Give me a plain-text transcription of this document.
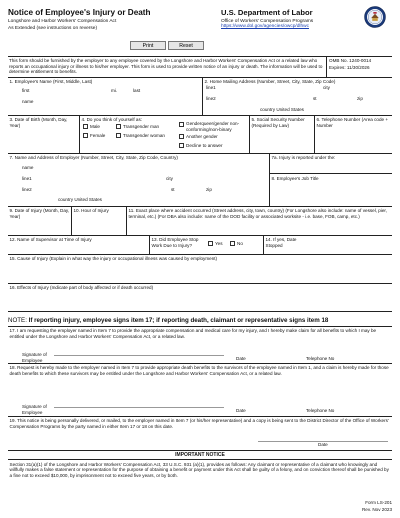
Notice of Employee's Injury or Death
Longshore and Harbor Workers' Compensation Act
As Extended (see instructions on reverse)
Print	Reset
U.S. Department of Labor
Office of Workers' Compensation Programs
https://www.dol.gov/agencies/owcp/dlhwc
This form should be furnished by the employer to any employee covered by the Longshore and Harbor Workers' Compensation Act or a related law who reports an occupational injury or illness to his/her employer. This form is used to provide written notice of an injury or death. The information will be used to determine entitlement to benefits.
OMB No. 1240-0014
Expires: 11/30/2026
1. Employee's Name (First, Middle, Last)
first	mi.	last
name
2. Home Mailing Address (Number, Street, City, State, Zip Code)
line1	city
line2	st	zip
country United States
3. Date of Birth (Month, Day, Year)
4. Do you think of yourself as:
Male	Transgender man
Female	Transgender woman
Genderqueer/gender non-conforming/non-binary
Another gender
Decline to answer
5. Social Security Number (Required by Law)
6. Telephone Number (Area code + Number
7. Name and Address of Employer (Number, Street, City, State, Zip Code, Country)
name
line1	city
line2	st	zip
country United States
7a. Injury is reported under the:
8. Employee's Job Title
9. Date of Injury (Month, Day, Year)
10. Hour of Injury	11. Exact place where accident occurred (Street address, city, town, country) (For Longshore also include: name of vessel, pier, terminal, etc.) (For DBA also include: name of the DOD facility or associated worksite - i.e. base, FOB, camp, etc.)
12. Name of Supervisor at Time of Injury	13. Did Employee Stop Work Due to Injury?	Yes	No
14. If yes, Date Stopped
15. Cause of Injury (Explain in what way the injury or occupational illness was caused by employment)
16. Effects of Injury (Indicate part of body affected or if death occurred)
NOTE: If reporting injury, employee signs item 17; if reporting death, claimant or representative signs item 18
17. I am requesting the employer named in Item 7 to provide the appropriate compensation and medical care for my injury, and I hereby make claim for all benefits to which I may be entitled under the Longshore and Harbor Workers' Compensation Act, or a related law.
Signature of Employee	Date	Telephone No
18. Request is hereby made to the employer named in Item 7 to provide appropriate death benefits to the survivors of the employee named in Item 1, and a claim is hereby made for those death benefits to which these survivors may be entitled under the Longshore and Harbor Workers' Compensation Act, or a related law.
Signature of Employee	Date	Telephone No
19. This notice is being personally delivered, or mailed, to the employer named in Item 7 (or his/her representative) and a copy is being sent to the District Director of the Office of Workers' Compensation Programs by the party named in either Item 17 or 18 on this date.
Date
IMPORTANT NOTICE
Section 31(a)(1) of the Longshore and Harbor Workers' Compensation Act, 33 U.S.C. 931 (a)(1), provides as follows: Any claimant or representative of a claimant who knowingly and willfully makes a false statement or representation for the purpose of obtaining a benefit or payment under this Act shall be guilty of a felony, and on conviction thereof shall be punished by a fine not to exceed $10,000, by imprisonment not to exceed five years, or by both.
Form LS-201
Rev. Nov 2023
